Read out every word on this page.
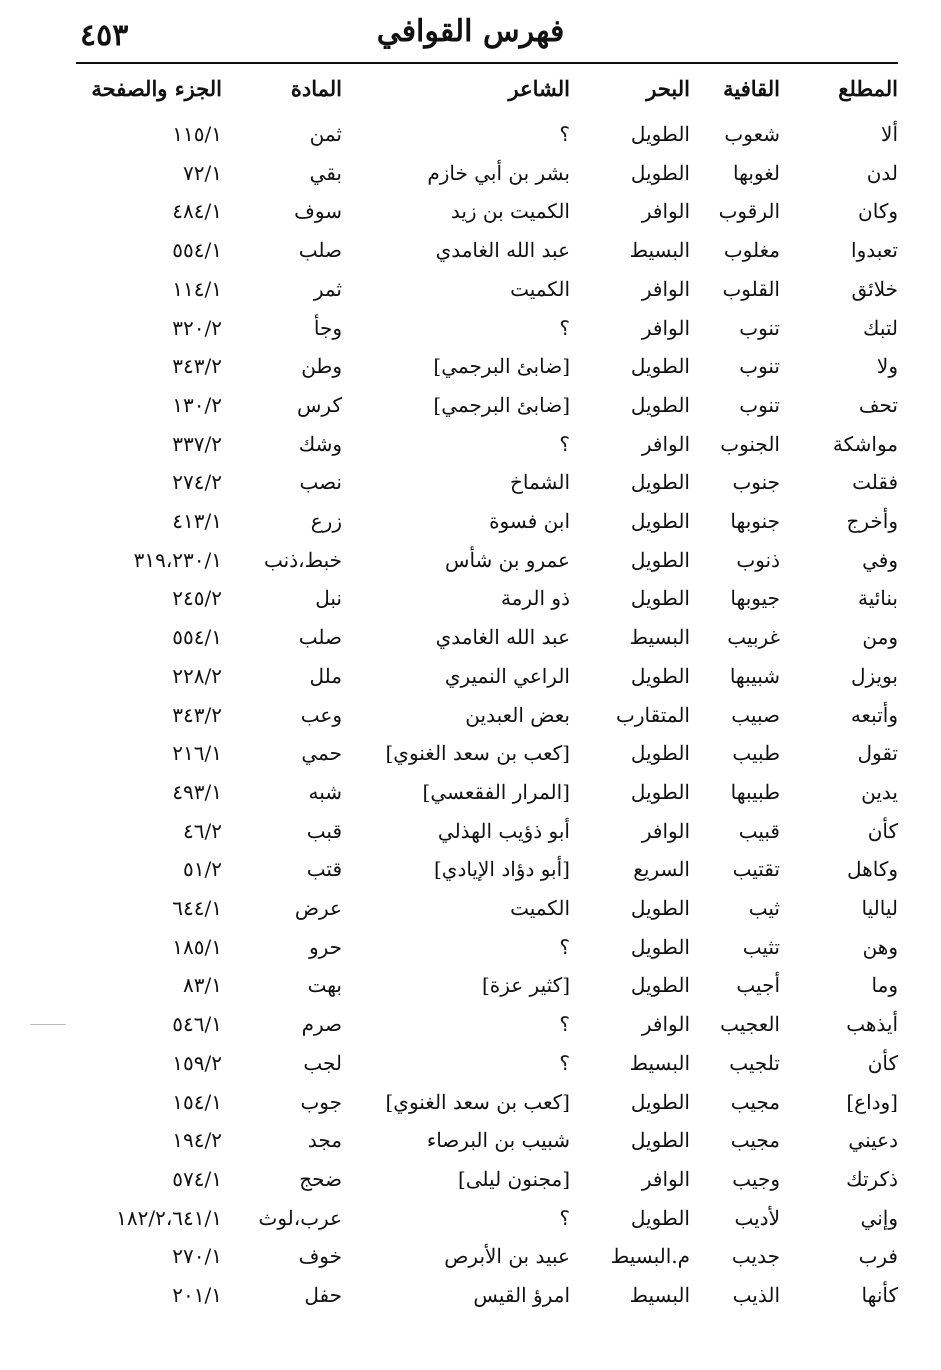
فهرس القوافي
٤٥٣
المطلع
القافية
البحر
الشاعر
المادة
الجزء والصفحة
ألا
شعوب
الطويل
؟
ثمن
١١٥/١
لدن
لغوبها
الطويل
بشر بن أبي خازم
بقي
٧٢/١
وكان
الرقوب
الوافر
الكميت بن زيد
سوف
٤٨٤/١
تعبدوا
مغلوب
البسيط
عبد الله الغامدي
صلب
٥٥٤/١
خلائق
القلوب
الوافر
الكميت
ثمر
١١٤/١
لتبك
تنوب
الوافر
؟
وجأ
٣٢٠/٢
ولا
تنوب
الطويل
[ضابئ البرجمي]
وطن
٣٤٣/٢
تحف
تنوب
الطويل
[ضابئ البرجمي]
كرس
١٣٠/٢
مواشكة
الجنوب
الوافر
؟
وشك
٣٣٧/٢
فقلت
جنوب
الطويل
الشماخ
نصب
٢٧٤/٢
وأخرج
جنوبها
الطويل
ابن فسوة
زرع
٤١٣/١
وفي
ذنوب
الطويل
عمرو بن شأس
خبط،ذنب
٣١٩،٢٣٠/١
بنائية
جيوبها
الطويل
ذو الرمة
نبل
٢٤٥/٢
ومن
غربيب
البسيط
عبد الله الغامدي
صلب
٥٥٤/١
بويزل
شبيبها
الطويل
الراعي النميري
ملل
٢٢٨/٢
وأتبعه
صبيب
المتقارب
بعض العبدين
وعب
٣٤٣/٢
تقول
طبيب
الطويل
[كعب بن سعد الغنوي]
حمي
٢١٦/١
يدين
طبيبها
الطويل
[المرار الفقعسي]
شبه
٤٩٣/١
كأن
قبيب
الوافر
أبو ذؤيب الهذلي
قبب
٤٦/٢
وكاهل
تقتيب
السريع
[أبو دؤاد الإيادي]
قتب
٥١/٢
لياليا
ثيب
الطويل
الكميت
عرض
٦٤٤/١
وهن
تثيب
الطويل
؟
حرو
١٨٥/١
وما
أجيب
الطويل
[كثير عزة]
بهت
٨٣/١
أيذهب
العجيب
الوافر
؟
صرم
٥٤٦/١
كأن
تلجيب
البسيط
؟
لجب
١٥٩/٢
[وداع]
مجيب
الطويل
[كعب بن سعد الغنوي]
جوب
١٥٤/١
دعيني
مجيب
الطويل
شبيب بن البرصاء
مجد
١٩٤/٢
ذكرتك
وجيب
الوافر
[مجنون ليلى]
ضحج
٥٧٤/١
وإني
لأديب
الطويل
؟
عرب،لوث
١٨٢/٢،٦٤١/١
فرب
جديب
م.البسيط
عبيد بن الأبرص
خوف
٢٧٠/١
كأنها
الذيب
البسيط
امرؤ القيس
حفل
٢٠١/١
